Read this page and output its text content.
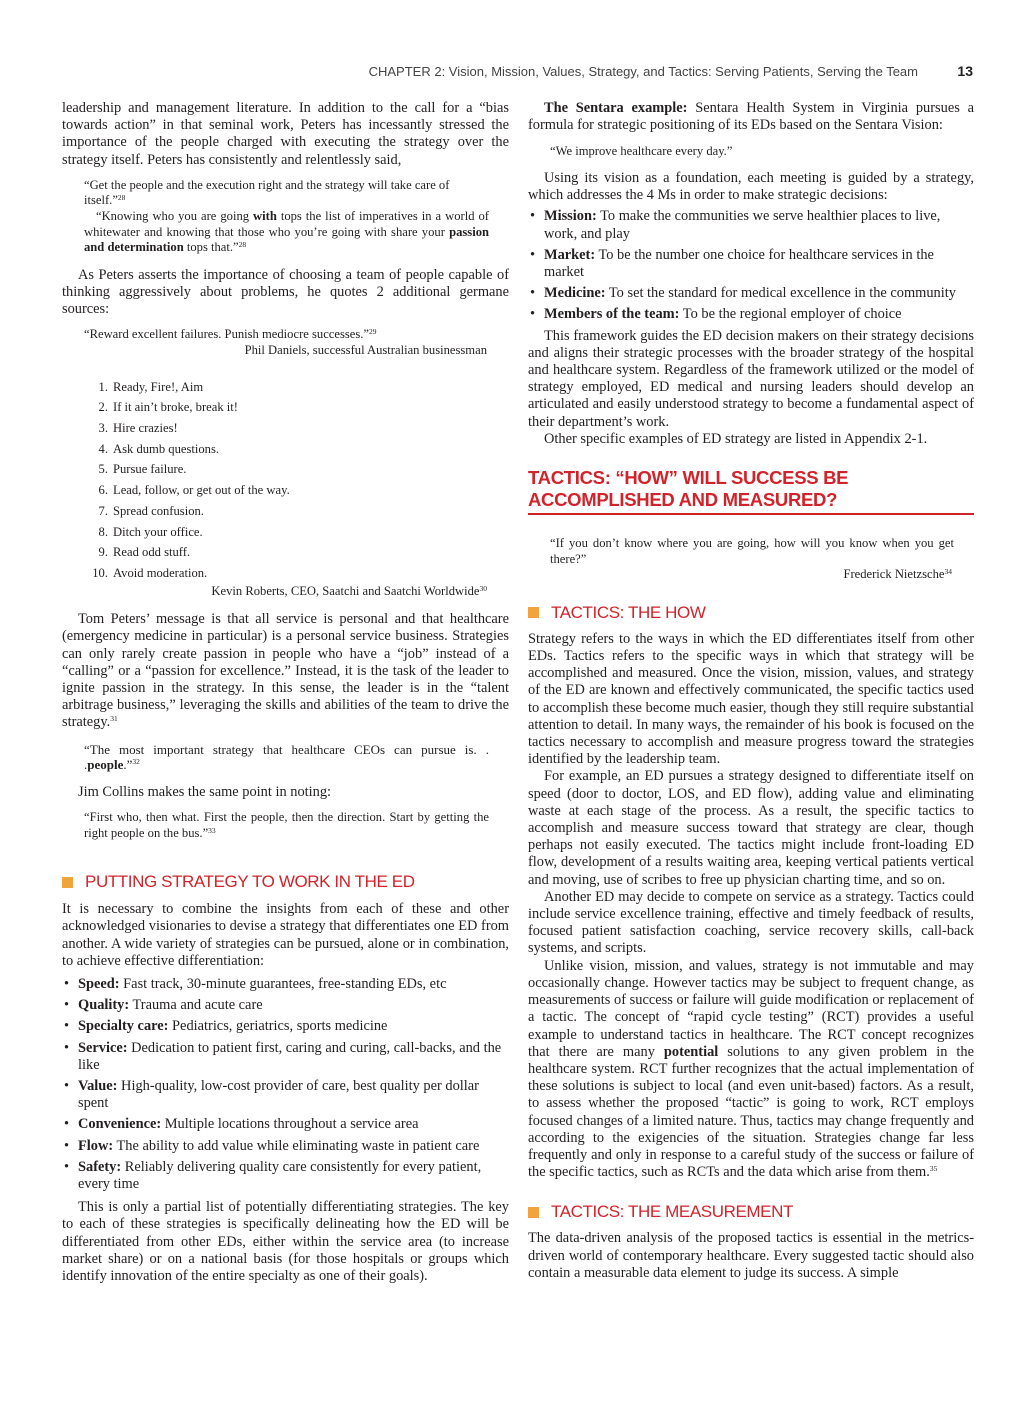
CHAPTER 2: Vision, Mission, Values, Strategy, and Tactics: Serving Patients, Serving the Team	13

leadership and management literature. In addition to the call for a “bias towards action” in that seminal work, Peters has incessantly stressed the importance of the people charged with executing the strategy over the strategy itself. Peters has consistently and relentlessly said,

“Get the people and the execution right and the strategy will take care of itself.”$^{28}$
“Knowing who you are going with tops the list of imperatives in a world of whitewater and knowing that those who you’re going with share your passion and determination tops that.”$^{28}$

As Peters asserts the importance of choosing a team of people capable of thinking aggressively about problems, he quotes 2 additional germane sources:

“Reward excellent failures. Punish mediocre successes.”$^{29}$
Phil Daniels, successful Australian businessman
1. Ready, Fire!, Aim
2. If it ain’t broke, break it!
3. Hire crazies!
4. Ask dumb questions.
5. Pursue failure.
6. Lead, follow, or get out of the way.
7. Spread confusion.
8. Ditch your office.
9. Read odd stuff.
10. Avoid moderation.
Kevin Roberts, CEO, Saatchi and Saatchi Worldwide$^{30}$

Tom Peters’ message is that all service is personal and that healthcare (emergency medicine in particular) is a personal service business. Strategies can only rarely create passion in people who have a “job” instead of a “calling” or a “passion for excellence.” Instead, it is the task of the leader to ignite passion in the strategy. In this sense, the leader is in the “talent arbitrage business,” leveraging the skills and abilities of the team to drive the strategy.$^{31}$

“The most important strategy that healthcare CEOs can pursue is. . .people.”$^{32}$

Jim Collins makes the same point in noting:

“First who, then what. First the people, then the direction. Start by getting the right people on the bus.”$^{33}$
PUTTING STRATEGY TO WORK IN THE ED

It is necessary to combine the insights from each of these and other acknowledged visionaries to devise a strategy that differentiates one ED from another. A wide variety of strategies can be pursued, alone or in combination, to achieve effective differentiation:

• Speed: Fast track, 30-minute guarantees, free-standing EDs, etc
• Quality: Trauma and acute care
• Specialty care: Pediatrics, geriatrics, sports medicine
• Service: Dedication to patient first, caring and curing, call-backs, and the like
• Value: High-quality, low-cost provider of care, best quality per dollar spent
• Convenience: Multiple locations throughout a service area
• Flow: The ability to add value while eliminating waste in patient care
• Safety: Reliably delivering quality care consistently for every patient, every time

This is only a partial list of potentially differentiating strategies. The key to each of these strategies is specifically delineating how the ED will be differentiated from other EDs, either within the service area (to increase market share) or on a national basis (for those hospitals or groups which identify innovation of the entire specialty as one of their goals).

The Sentara example: Sentara Health System in Virginia pursues a formula for strategic positioning of its EDs based on the Sentara Vision:

“We improve healthcare every day.”

Using its vision as a foundation, each meeting is guided by a strategy, which addresses the 4 Ms in order to make strategic decisions:

• Mission: To make the communities we serve healthier places to live, work, and play
• Market: To be the number one choice for healthcare services in the market
• Medicine: To set the standard for medical excellence in the community
• Members of the team: To be the regional employer of choice

This framework guides the ED decision makers on their strategy decisions and aligns their strategic processes with the broader strategy of the hospital and healthcare system. Regardless of the framework utilized or the model of strategy employed, ED medical and nursing leaders should develop an articulated and easily understood strategy to become a fundamental aspect of their department’s work.

Other specific examples of ED strategy are listed in Appendix 2-1.

TACTICS: “HOW” WILL SUCCESS BE ACCOMPLISHED AND MEASURED?
“If you don’t know where you are going, how will you know when you get there?”
Frederick Nietzsche$^{34}$
TACTICS: THE HOW

Strategy refers to the ways in which the ED differentiates itself from other EDs. Tactics refers to the specific ways in which that strategy will be accomplished and measured. Once the vision, mission, values, and strategy of the ED are known and effectively communicated, the specific tactics used to accomplish these become much easier, though they still require substantial attention to detail. In many ways, the remainder of his book is focused on the tactics necessary to accomplish and measure progress toward the strategies identified by the leadership team.

For example, an ED pursues a strategy designed to differentiate itself on speed (door to doctor, LOS, and ED flow), adding value and eliminating waste at each stage of the process. As a result, the specific tactics to accomplish and measure success toward that strategy are clear, though perhaps not easily executed. The tactics might include front-loading ED flow, development of a results waiting area, keeping vertical patients vertical and moving, use of scribes to free up physician charting time, and so on.

Another ED may decide to compete on service as a strategy. Tactics could include service excellence training, effective and timely feedback of results, focused patient satisfaction coaching, service recovery skills, call-back systems, and scripts.

Unlike vision, mission, and values, strategy is not immutable and may occasionally change. However tactics may be subject to frequent change, as measurements of success or failure will guide modification or replacement of a tactic. The concept of “rapid cycle testing” (RCT) provides a useful example to understand tactics in healthcare. The RCT concept recognizes that there are many potential solutions to any given problem in the healthcare system. RCT further recognizes that the actual implementation of these solutions is subject to local (and even unit-based) factors. As a result, to assess whether the proposed “tactic” is going to work, RCT employs focused changes of a limited nature. Thus, tactics may change frequently and according to the exigencies of the situation. Strategies change far less frequently and only in response to a careful study of the success or failure of the specific tactics, such as RCTs and the data which arise from them.$^{35}$

TACTICS: THE MEASUREMENT

The data-driven analysis of the proposed tactics is essential in the metrics-driven world of contemporary healthcare. Every suggested tactic should also contain a measurable data element to judge its success. A simple
